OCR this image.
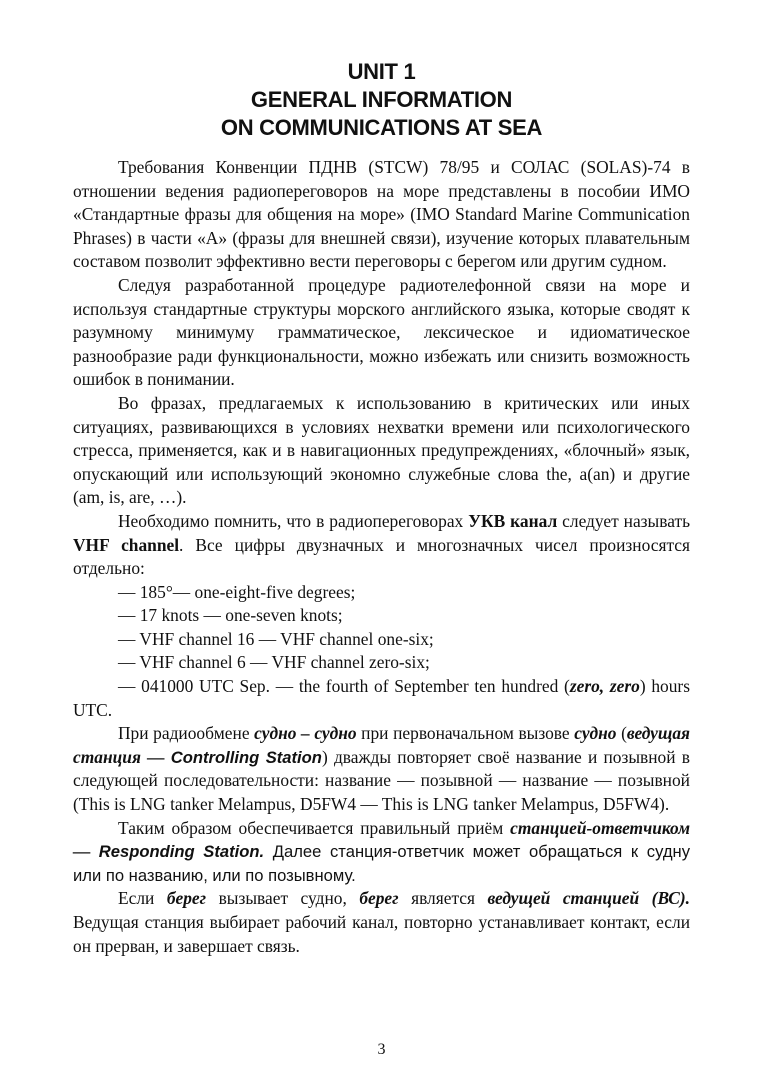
UNIT 1
GENERAL INFORMATION
ON COMMUNICATIONS AT SEA

Требования Конвенции ПДНВ (STCW) 78/95 и СОЛАС (SOLAS)-74 в отношении ведения радиопереговоров на море представлены в пособии ИМО «Стандартные фразы для общения на море» (IMO Standard Marine Communication Phrases) в части «А» (фразы для внешней связи), изучение которых плавательным составом позволит эффективно вести переговоры с берегом или другим судном.

Следуя разработанной процедуре радиотелефонной связи на море и используя стандартные структуры морского английского языка, которые сводят к разумному минимуму грамматическое, лексическое и идиоматическое разнообразие ради функциональности, можно избежать или снизить возможность ошибок в понимании.

Во фразах, предлагаемых к использованию в критических или иных ситуациях, развивающихся в условиях нехватки времени или психологического стресса, применяется, как и в навигационных предупреждениях, «блочный» язык, опускающий или использующий экономно служебные слова the, a(an) и другие (am, is, are, …).

Необходимо помнить, что в радиопереговорах УКВ канал следует называть VHF channel. Все цифры двузначных и многозначных чисел произносятся отдельно:

— 185°— one-eight-five degrees;

— 17 knots — one-seven knots;

— VHF channel 16 — VHF channel one-six;

— VHF channel 6 — VHF channel zero-six;

— 041000 UTC Sep. — the fourth of September ten hundred (zero, zero) hours UTC.

При радиообмене судно – судно при первоначальном вызове судно (ведущая станция — Controlling Station) дважды повторяет своё название и позывной в следующей последовательности: название — позывной — название — позывной (This is LNG tanker Melampus, D5FW4 — This is LNG tanker Melampus, D5FW4).

Таким образом обеспечивается правильный приём станцией-ответчиком — Responding Station. Далее станция-ответчик может обращаться к судну или по названию, или по позывному.

Если берег вызывает судно, берег является ведущей станцией (ВС). Ведущая станция выбирает рабочий канал, повторно устанавливает контакт, если он прерван, и завершает связь.

3
